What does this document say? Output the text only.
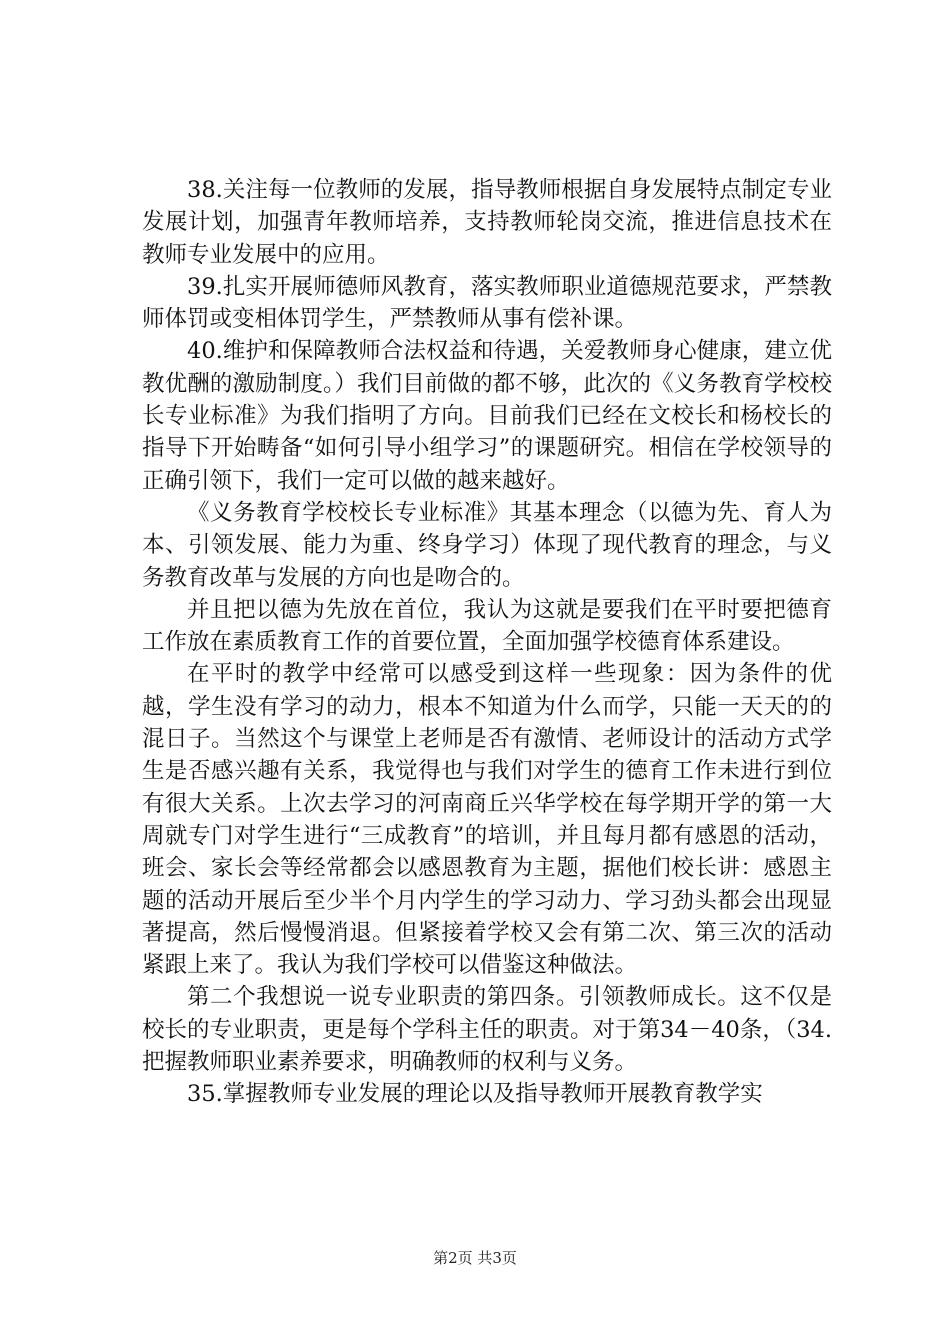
38.关注每一位教师的发展，指导教师根据自身发展特点制定专业发展计划，加强青年教师培养，支持教师轮岗交流，推进信息技术在教师专业发展中的应用。

39.扎实开展师德师风教育，落实教师职业道德规范要求，严禁教师体罚或变相体罚学生，严禁教师从事有偿补课。

40.维护和保障教师合法权益和待遇，关爱教师身心健康，建立优教优酬的激励制度。）我们目前做的都不够，此次的《义务教育学校校长专业标准》为我们指明了方向。目前我们已经在文校长和杨校长的指导下开始畴备“如何引导小组学习”的课题研究。相信在学校领导的正确引领下，我们一定可以做的越来越好。

《义务教育学校校长专业标准》其基本理念（以德为先、育人为本、引领发展、能力为重、终身学习）体现了现代教育的理念，与义务教育改革与发展的方向也是吻合的。

并且把以德为先放在首位，我认为这就是要我们在平时要把德育工作放在素质教育工作的首要位置，全面加强学校德育体系建设。

在平时的教学中经常可以感受到这样一些现象：因为条件的优越，学生没有学习的动力，根本不知道为什么而学，只能一天天的的混日子。当然这个与课堂上老师是否有激情、老师设计的活动方式学生是否感兴趣有关系，我觉得也与我们对学生的德育工作未进行到位有很大关系。上次去学习的河南商丘兴华学校在每学期开学的第一大周就专门对学生进行“三成教育”的培训，并且每月都有感恩的活动，班会、家长会等经常都会以感恩教育为主题，据他们校长讲：感恩主题的活动开展后至少半个月内学生的学习动力、学习劲头都会出现显著提高，然后慢慢消退。但紧接着学校又会有第二次、第三次的活动紧跟上来了。我认为我们学校可以借鉴这种做法。

第二个我想说一说专业职责的第四条。引领教师成长。这不仅是校长的专业职责，更是每个学科主任的职责。对于第34－40条，（34.把握教师职业素养要求，明确教师的权利与义务。

35.掌握教师专业发展的理论以及指导教师开展教育教学实

第2页 共3页
